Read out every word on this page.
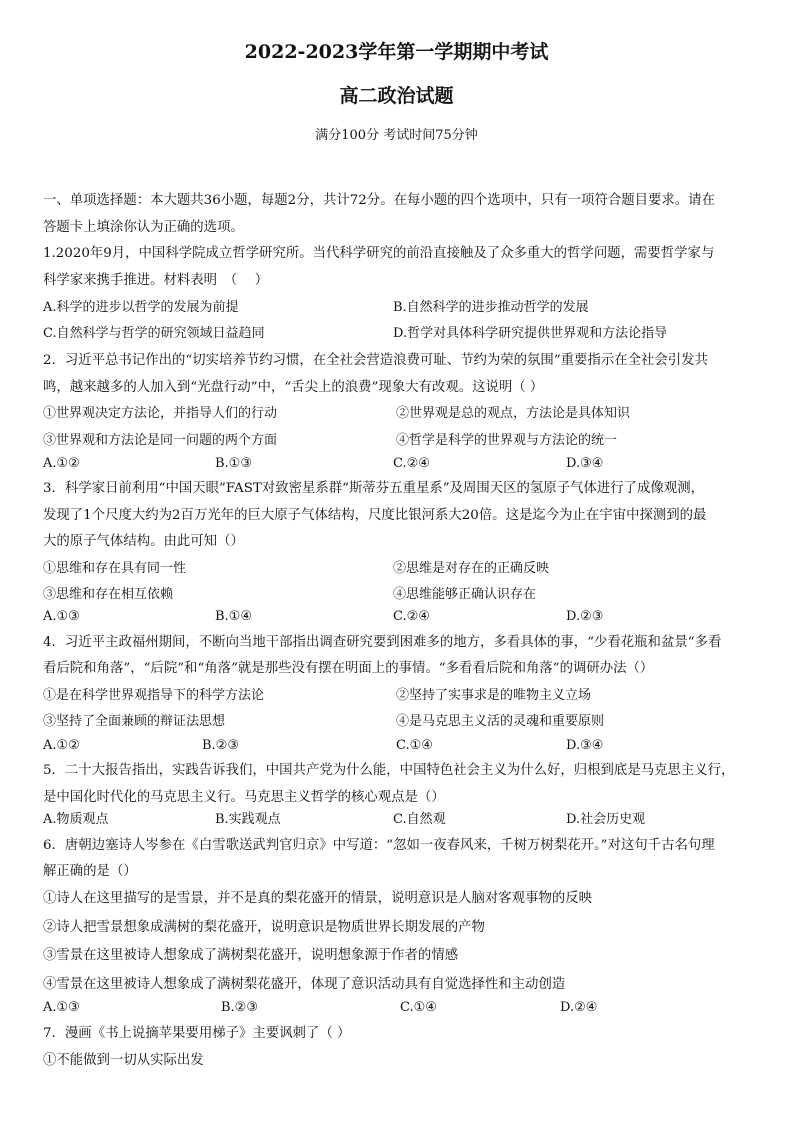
2022-2023学年第一学期期中考试
高二政治试题
满分100分 考试时间75分钟
一、单项选择题：本大题共36小题，每题2分，共计72分。在每小题的四个选项中，只有一项符合题目要求。请在
答题卡上填涂你认为正确的选项。
1.2020年9月，中国科学院成立哲学研究所。当代科学研究的前沿直接触及了众多重大的哲学问题，需要哲学家与
科学家来携手推进。材料表明　（　 ）
A.科学的进步以哲学的发展为前提	B.自然科学的进步推动哲学的发展
C.自然科学与哲学的研究领域日益趋同	D.哲学对具体科学研究提供世界观和方法论指导
2．习近平总书记作出的“切实培养节约习惯，在全社会营造浪费可耻、节约为荣的氛围”重要指示在全社会引发共
鸣，越来越多的人加入到“光盘行动”中，“舌尖上的浪费”现象大有改观。这说明（ ）
①世界观决定方法论，并指导人们的行动	②世界观是总的观点，方法论是具体知识
③世界观和方法论是同一问题的两个方面	④哲学是科学的世界观与方法论的统一
A.①②	B.①③	C.②④	D.③④
3．科学家日前利用“中国天眼”FAST对致密星系群“斯蒂芬五重星系”及周围天区的氢原子气体进行了成像观测，
发现了1个尺度大约为2百万光年的巨大原子气体结构，尺度比银河系大20倍。这是迄今为止在宇宙中探测到的最
大的原子气体结构。由此可知（）
①思维和存在具有同一性	②思维是对存在的正确反映
③思维和存在相互依赖	④思维能够正确认识存在
A.①③	B.①④	C.②④	D.②③
4．习近平主政福州期间，不断向当地干部指出调查研究要到困难多的地方，多看具体的事，“少看花瓶和盆景“多看
看后院和角落”，“后院”和“角落”就是那些没有摆在明面上的事情。“多看看后院和角落”的调研办法（）
①是在科学世界观指导下的科学方法论	②坚持了实事求是的唯物主义立场
③坚持了全面兼顾的辩证法思想	④是马克思主义活的灵魂和重要原则
A.①②	B.②③	C.①④	D.③④
5．二十大报告指出，实践告诉我们，中国共产党为什么能，中国特色社会主义为什么好，归根到底是马克思主义行，
是中国化时代化的马克思主义行。马克思主义哲学的核心观点是（）
A.物质观点	B.实践观点	C.自然观	D.社会历史观
6．唐朝边塞诗人岑参在《白雪歌送武判官归京》中写道：“忽如一夜春风来，千树万树梨花开。”对这句千古名句理
解正确的是（）
①诗人在这里描写的是雪景，并不是真的梨花盛开的情景，说明意识是人脑对客观事物的反映
②诗人把雪景想象成满树的梨花盛开，说明意识是物质世界长期发展的产物
③雪景在这里被诗人想象成了满树梨花盛开，说明想象源于作者的情感
④雪景在这里被诗人想象成了满树梨花盛开，体现了意识活动具有自觉选择性和主动创造
A.①③	B.②③	C.①④	D.②④
7．漫画《书上说摘苹果要用梯子》主要讽刺了（ ）
①不能做到一切从实际出发
